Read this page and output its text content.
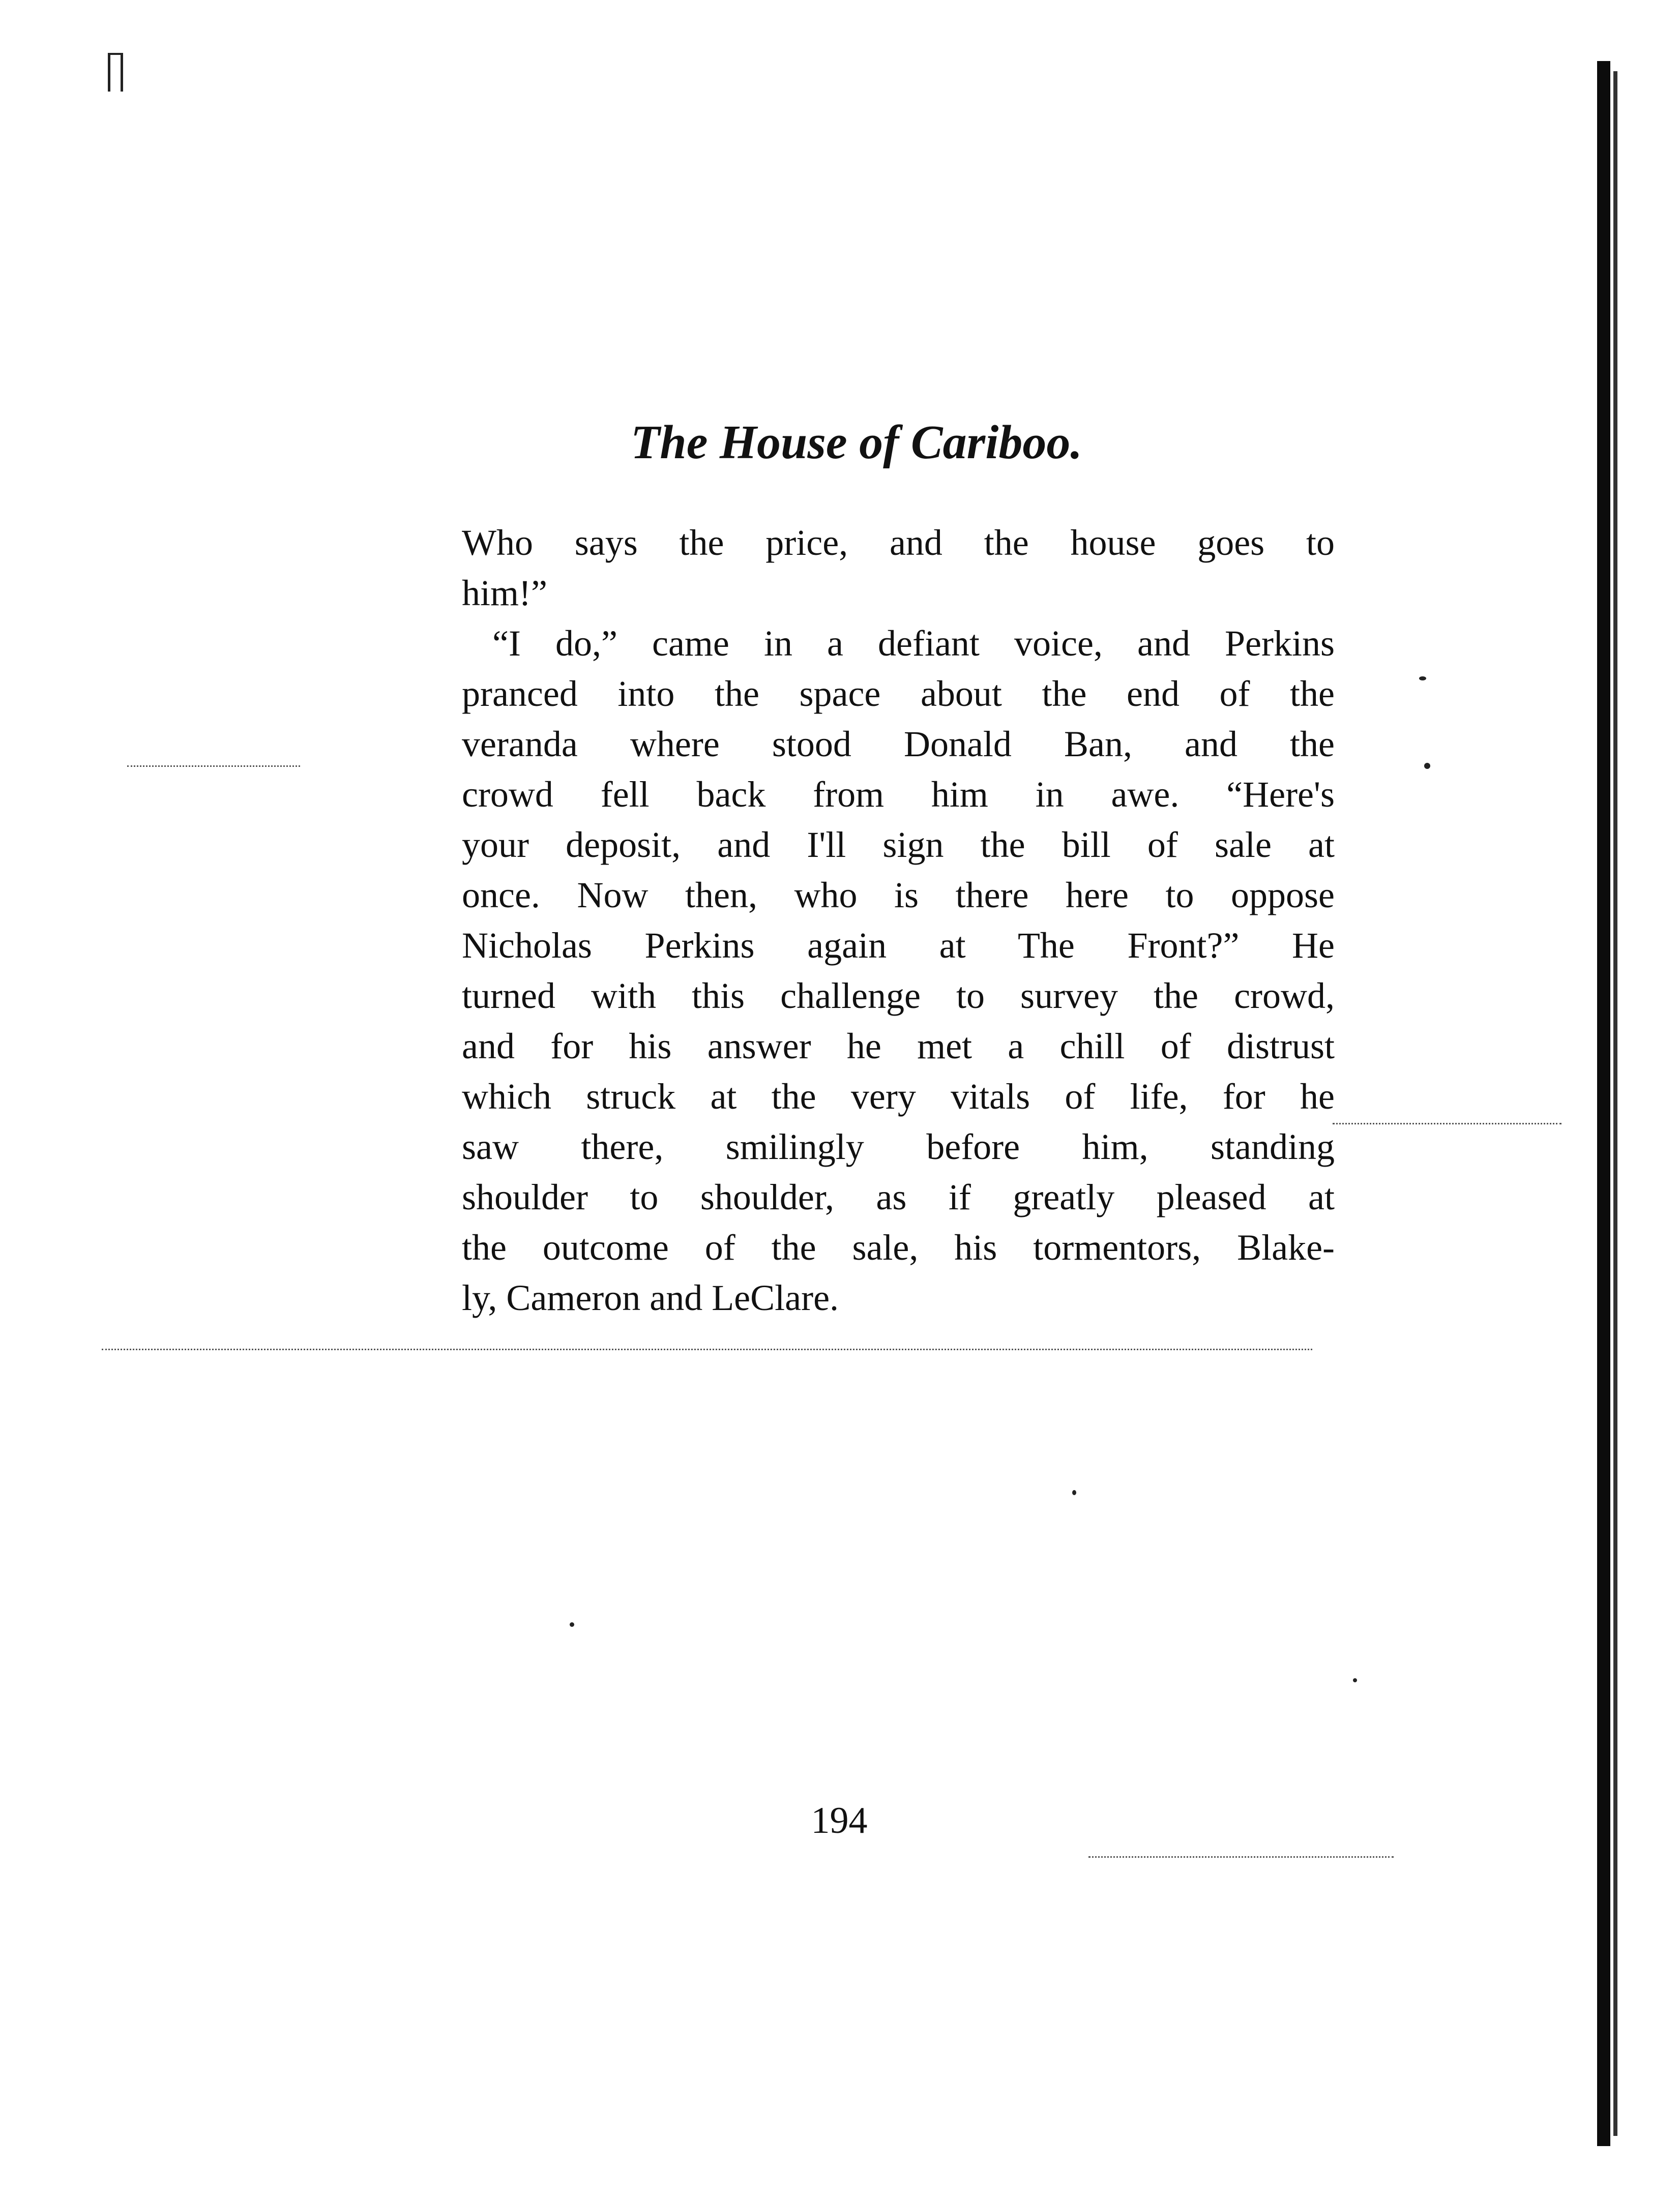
The House of Cariboo.
Who says the price, and the house goes to
him!”
“I do,” came in a defiant voice, and Perkins
pranced into the space about the end of the
veranda where stood Donald Ban, and the
crowd fell back from him in awe. “Here's
your deposit, and I'll sign the bill of sale at
once. Now then, who is there here to oppose
Nicholas Perkins again at The Front?” He
turned with this challenge to survey the crowd,
and for his answer he met a chill of distrust
which struck at the very vitals of life, for he
saw there, smilingly before him, standing
shoulder to shoulder, as if greatly pleased at
the outcome of the sale, his tormentors, Blake-
ly, Cameron and LeClare.
194
